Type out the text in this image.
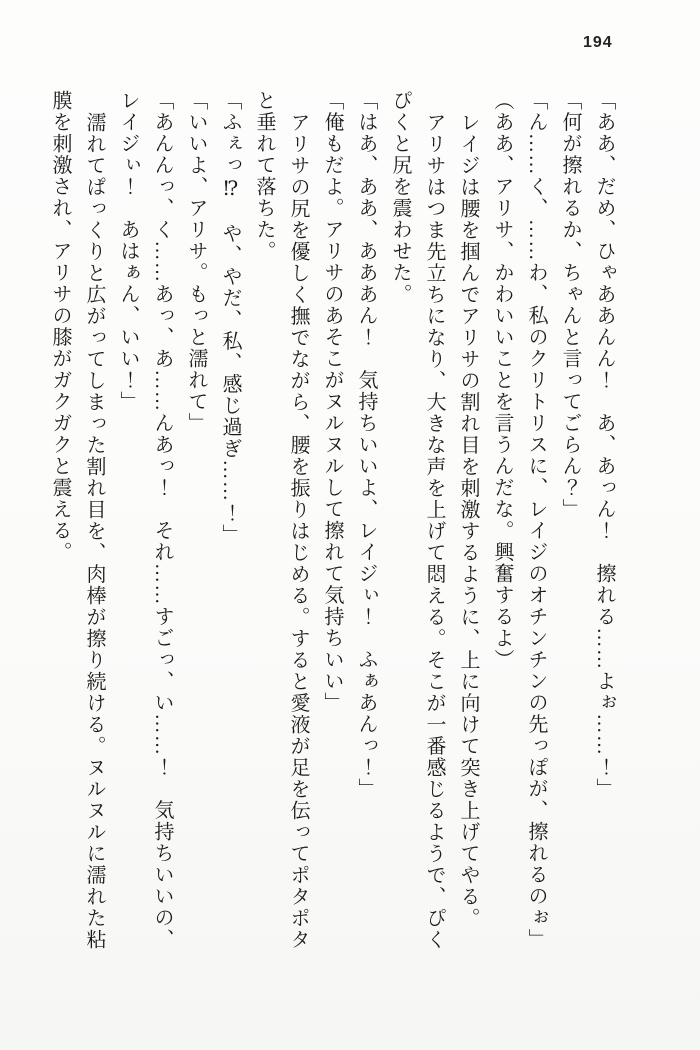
194

「ああ、だめ、ひゃああんん！　あ、あっん！　擦れる……よぉ……！」

「何が擦れるか、ちゃんと言ってごらん？」

「ん……く、……わ、私のクリトリスに、レイジのオチンチンの先っぽが、擦れるのぉ」

（ああ、アリサ、かわいいことを言うんだな。興奮するよ）

レイジは腰を掴んでアリサの割れ目を刺激するように、上に向けて突き上げてやる。

アリサはつま先立ちになり、大きな声を上げて悶える。そこが一番感じるようで、ぴくぴくと尻を震わせた。

「はあ、ああ、あああん！　気持ちいいよ、レイジぃ！　ふぁあんっ！」

「俺もだよ。アリサのあそこがヌルヌルして擦れて気持ちいい」

アリサの尻を優しく撫でながら、腰を振りはじめる。すると愛液が足を伝ってポタポタと垂れて落ちた。

「ふぇっ⁉　や、やだ、私、感じ過ぎ……！」

「いいよ、アリサ。もっと濡れて」

「あんんっ、く……あっ、あ……んあっ！　それ……すごっ、い……！　気持ちいいの、レイジぃ！　あはぁん、いい！」

濡れてぱっくりと広がってしまった割れ目を、肉棒が擦り続ける。ヌルヌルに濡れた粘膜を刺激され、アリサの膝がガクガクと震える。
